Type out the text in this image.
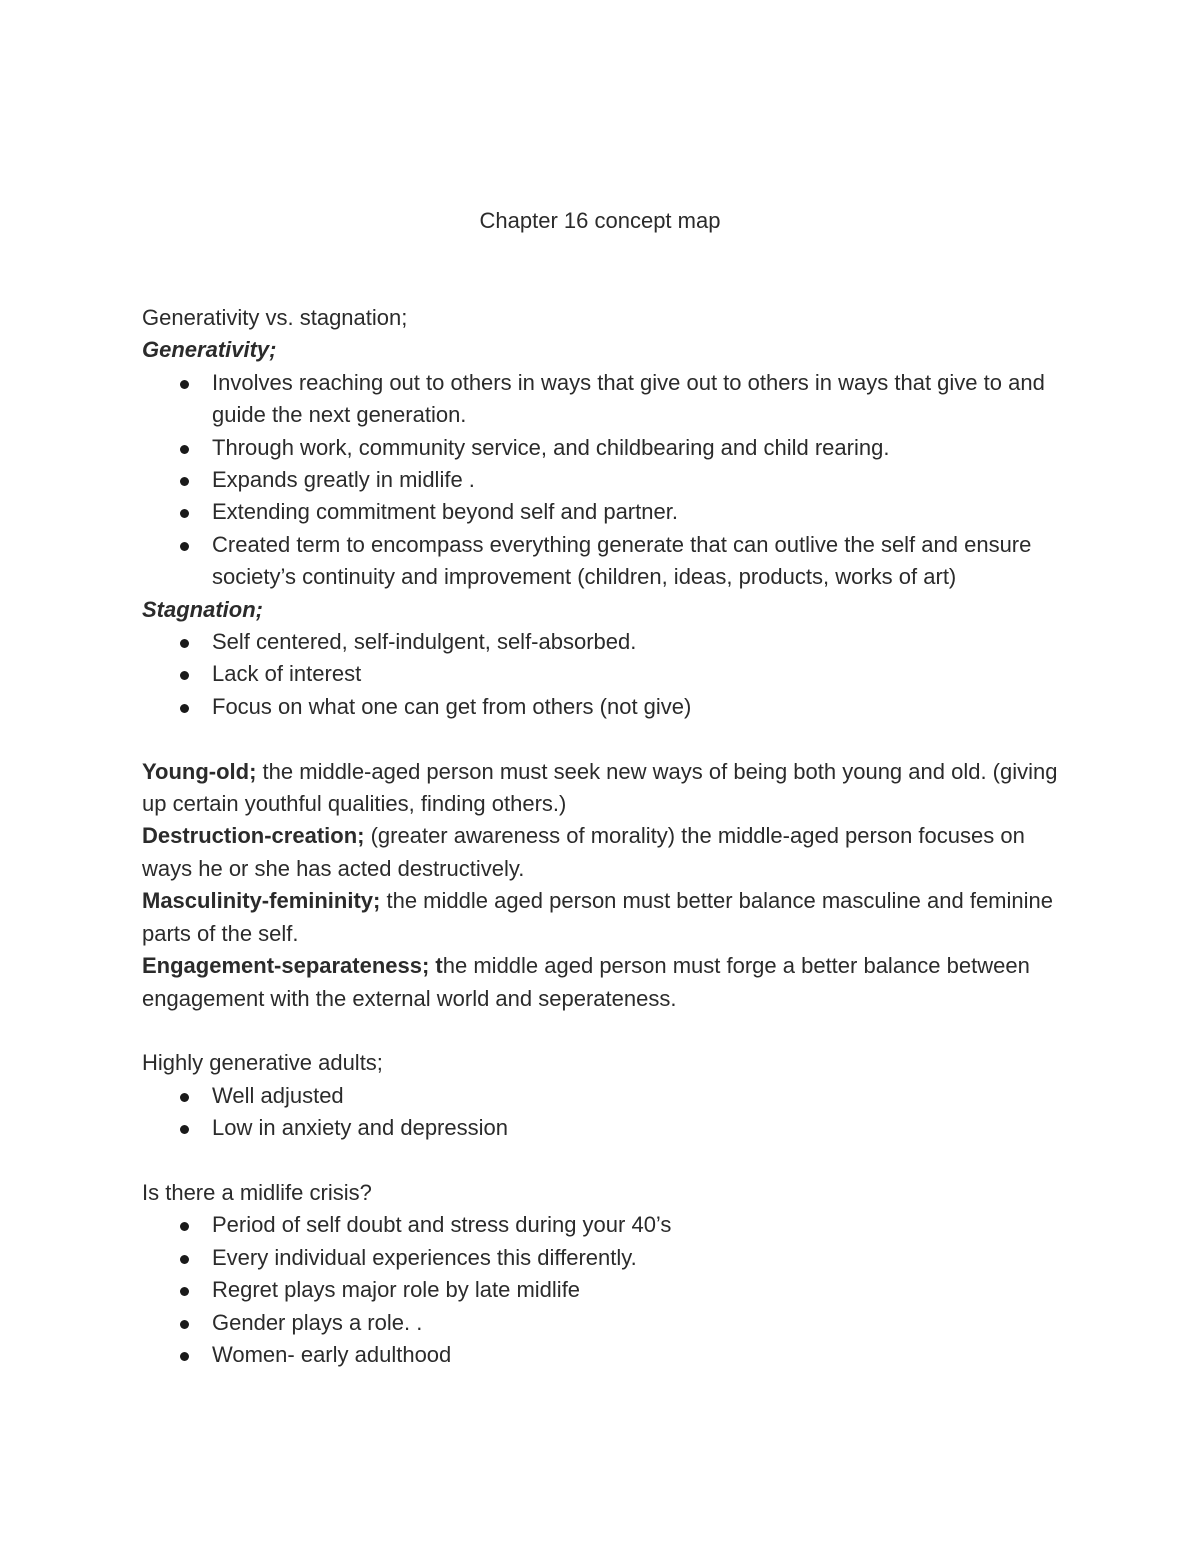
Chapter 16 concept map

Generativity vs. stagnation;

Generativity;

Involves reaching out to others in ways that give out to others in ways that give to and guide the next generation.
Through work, community service, and childbearing and child rearing.
Expands greatly in midlife .
Extending commitment beyond self and partner.
Created term to encompass everything generate that can outlive the self and ensure society’s continuity and improvement (children, ideas, products, works of art)

Stagnation;

Self centered, self-indulgent, self-absorbed.
Lack of interest
Focus on what one can get from others (not give)

Young-old; the middle-aged person must seek new ways of being both young and old. (giving up certain youthful qualities, finding others.)

Destruction-creation; (greater awareness of morality) the middle-aged person focuses on ways he or she has acted destructively.

Masculinity-femininity; the middle aged person must better balance masculine and feminine parts of the self.

Engagement-separateness; the middle aged person must forge a better balance between engagement with the external world and seperateness.

Highly generative adults;

Well adjusted
Low in anxiety and depression

Is there a midlife crisis?

Period of self doubt and stress during your 40’s
Every individual experiences this differently.
Regret plays major role by late midlife
Gender plays a role. .
Women- early adulthood
